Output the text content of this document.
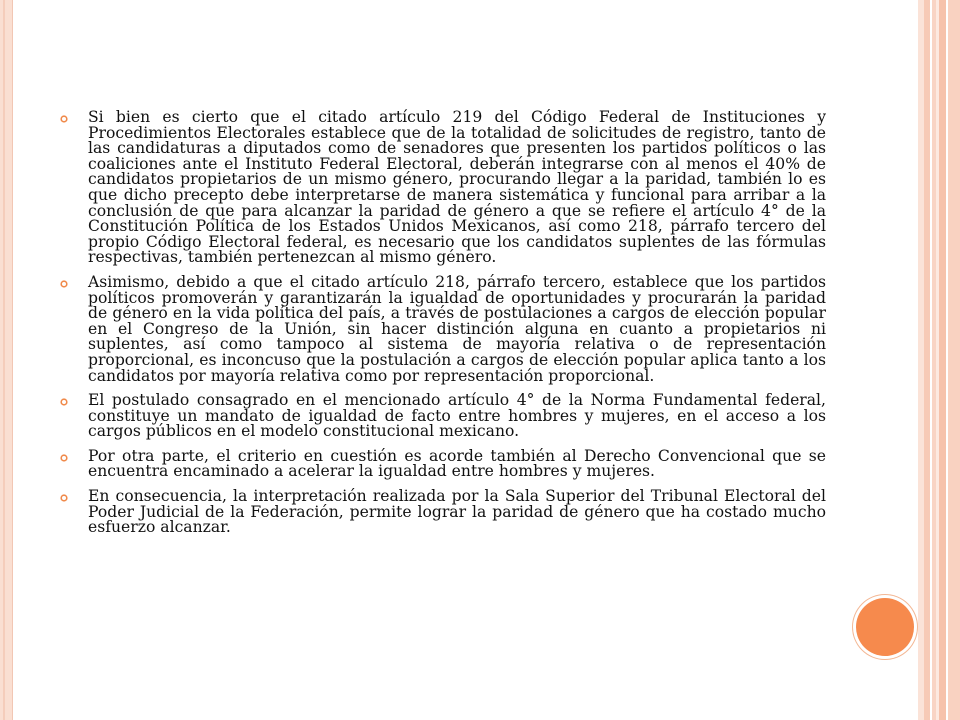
Si bien es cierto que el citado artículo 219 del Código Federal de Instituciones y Procedimientos Electorales establece que de la totalidad de solicitudes de registro, tanto de las candidaturas a diputados como de senadores que presenten los partidos políticos o las coaliciones ante el Instituto Federal Electoral, deberán integrarse con al menos el 40% de candidatos propietarios de un mismo género, procurando llegar a la paridad, también lo es que dicho precepto debe interpretarse de manera sistemática y funcional para arribar a la conclusión de que para alcanzar la paridad de género a que se refiere el artículo 4° de la Constitución Política de los Estados Unidos Mexicanos, así como 218, párrafo tercero del propio Código Electoral federal, es necesario que los candidatos suplentes de las fórmulas respectivas, también pertenezcan al mismo género.
Asimismo, debido a que el citado artículo 218, párrafo tercero, establece que los partidos políticos promoverán y garantizarán la igualdad de oportunidades y procurarán la paridad de género en la vida política del país, a través de postulaciones a cargos de elección popular en el Congreso de la Unión, sin hacer distinción alguna en cuanto a propietarios ni suplentes, así como tampoco al sistema de mayoría relativa o de representación proporcional, es inconcuso que la postulación a cargos de elección popular aplica tanto a los candidatos por mayoría relativa como por representación proporcional.
El postulado consagrado en el mencionado artículo 4° de la Norma Fundamental federal, constituye un mandato de igualdad de facto entre hombres y mujeres, en el acceso a los cargos públicos en el modelo constitucional mexicano.
Por otra parte, el criterio en cuestión es acorde también al Derecho Convencional que se encuentra encaminado a acelerar la igualdad entre hombres y mujeres.
En consecuencia, la interpretación realizada por la Sala Superior del Tribunal Electoral del Poder Judicial de la Federación, permite lograr la paridad de género que ha costado mucho esfuerzo alcanzar.
